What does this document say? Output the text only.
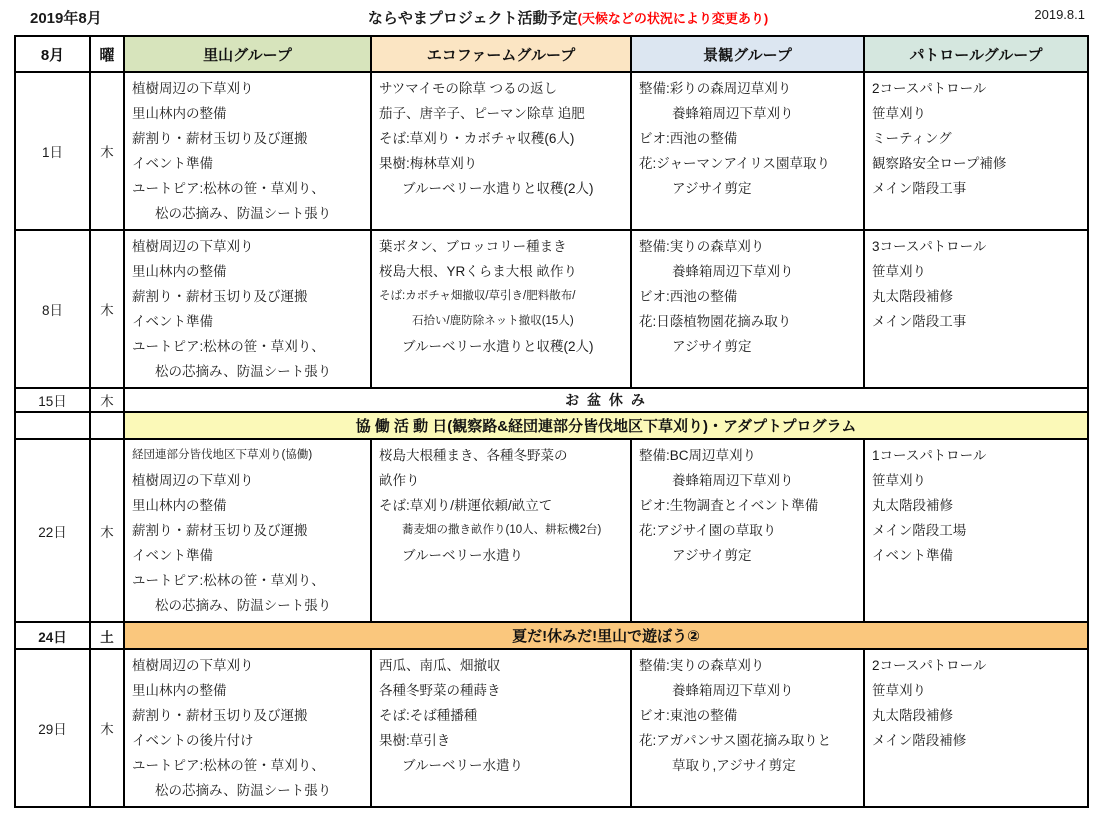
2019年8月	ならやまプロジェクト活動予定(天候などの状況により変更あり)	2019.8.1
8月	曜	里山グループ	エコファームグループ	景観グループ	パトロールグループ
1日	木	
植樹周辺の下草刈り
里山林内の整備
薪割り・薪材玉切り及び運搬
イベント準備
ユートピア:松林の笹・草刈り、
松の芯摘み、防温シート張り

サツマイモの除草 つるの返し
茄子、唐辛子、ピーマン除草 追肥
そば:草刈り・カボチャ収穫(6人)
果樹:梅林草刈り
ブルーベリー水遣りと収穫(2人)

整備:彩りの森周辺草刈り
養蜂箱周辺下草刈り
ビオ:西池の整備
花:ジャーマンアイリス園草取り
アジサイ剪定

2コースパトロール
笹草刈り
ミーティング
観察路安全ロープ補修
メイン階段工事

8日	木	
植樹周辺の下草刈り
里山林内の整備
薪割り・薪材玉切り及び運搬
イベント準備
ユートピア:松林の笹・草刈り、
松の芯摘み、防温シート張り

葉ボタン、ブロッコリー種まき
桜島大根、YRくらま大根 畝作り
そば:カボチャ畑撤収/草引き/肥料散布/
石拾い/鹿防除ネット撤収(15人)
ブルーベリー水遣りと収穫(2人)

整備:実りの森草刈り
養蜂箱周辺下草刈り
ビオ:西池の整備
花:日蔭植物園花摘み取り
アジサイ剪定

3コースパトロール
笹草刈り
丸太階段補修
メイン階段工事

15日	木	お 盆 休 み			
		協 働 活 動 日(観察路&経団連部分皆伐地区下草刈り)・アダプトプログラム			
22日	木	
経団連部分皆伐地区下草刈り(協働)
植樹周辺の下草刈り
里山林内の整備
薪割り・薪材玉切り及び運搬
イベント準備
ユートピア:松林の笹・草刈り、
松の芯摘み、防温シート張り

桜島大根種まき、各種冬野菜の
畝作り
そば:草刈り/耕運依頼/畝立て
蕎麦畑の撒き畝作り(10人、耕耘機2台)
ブルーベリー水遣り

整備:BC周辺草刈り
養蜂箱周辺下草刈り
ビオ:生物調査とイベント準備
花:アジサイ園の草取り
アジサイ剪定

1コースパトロール
笹草刈り
丸太階段補修
メイン階段工場
イベント準備

24日	土	夏だ!休みだ!里山で遊ぼう②			
29日	木	
植樹周辺の下草刈り
里山林内の整備
薪割り・薪材玉切り及び運搬
イベントの後片付け
ユートピア:松林の笹・草刈り、
松の芯摘み、防温シート張り

西瓜、南瓜、畑撤収
各種冬野菜の種蒔き
そば:そば種播種
果樹:草引き
ブルーベリー水遣り

整備:実りの森草刈り
養蜂箱周辺下草刈り
ビオ:東池の整備
花:アガパンサス園花摘み取りと
草取り,アジサイ剪定

2コースパトロール
笹草刈り
丸太階段補修
メイン階段補修
